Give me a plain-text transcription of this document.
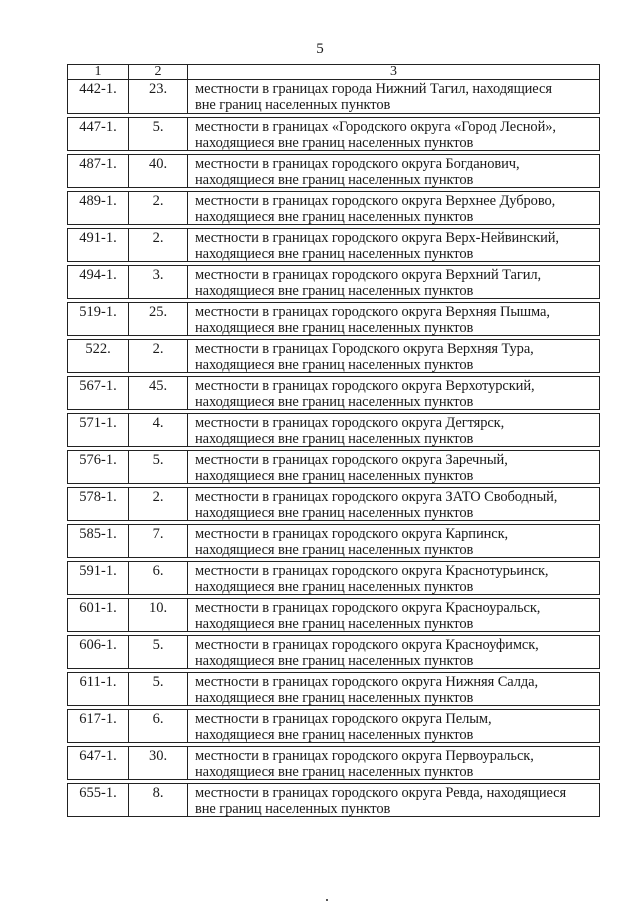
5
1	2	3
442-1.	23.	местности в границах города Нижний Тагил, находящиеся
вне границ населенных пунктов
447-1.	5.	местности в границах «Городского округа «Город Лесной»,
находящиеся вне границ населенных пунктов
487-1.	40.	местности в границах городского округа Богданович,
находящиеся вне границ населенных пунктов
489-1.	2.	местности в границах городского округа Верхнее Дуброво,
находящиеся вне границ населенных пунктов
491-1.	2.	местности в границах городского округа Верх-Нейвинский,
находящиеся вне границ населенных пунктов
494-1.	3.	местности в границах городского округа Верхний Тагил,
находящиеся вне границ населенных пунктов
519-1.	25.	местности в границах городского округа Верхняя Пышма,
находящиеся вне границ населенных пунктов
522.	2.	местности в границах Городского округа Верхняя Тура,
находящиеся вне границ населенных пунктов
567-1.	45.	местности в границах городского округа Верхотурский,
находящиеся вне границ населенных пунктов
571-1.	4.	местности в границах городского округа Дегтярск,
находящиеся вне границ населенных пунктов
576-1.	5.	местности в границах городского округа Заречный,
находящиеся вне границ населенных пунктов
578-1.	2.	местности в границах городского округа ЗАТО Свободный,
находящиеся вне границ населенных пунктов
585-1.	7.	местности в границах городского округа Карпинск,
находящиеся вне границ населенных пунктов
591-1.	6.	местности в границах городского округа Краснотурьинск,
находящиеся вне границ населенных пунктов
601-1.	10.	местности в границах городского округа Красноуральск,
находящиеся вне границ населенных пунктов
606-1.	5.	местности в границах городского округа Красноуфимск,
находящиеся вне границ населенных пунктов
611-1.	5.	местности в границах городского округа Нижняя Салда,
находящиеся вне границ населенных пунктов
617-1.	6.	местности в границах городского округа Пелым,
находящиеся вне границ населенных пунктов
647-1.	30.	местности в границах городского округа Первоуральск,
находящиеся вне границ населенных пунктов
655-1.	8.	местности в границах городского округа Ревда, находящиеся
вне границ населенных пунктов
